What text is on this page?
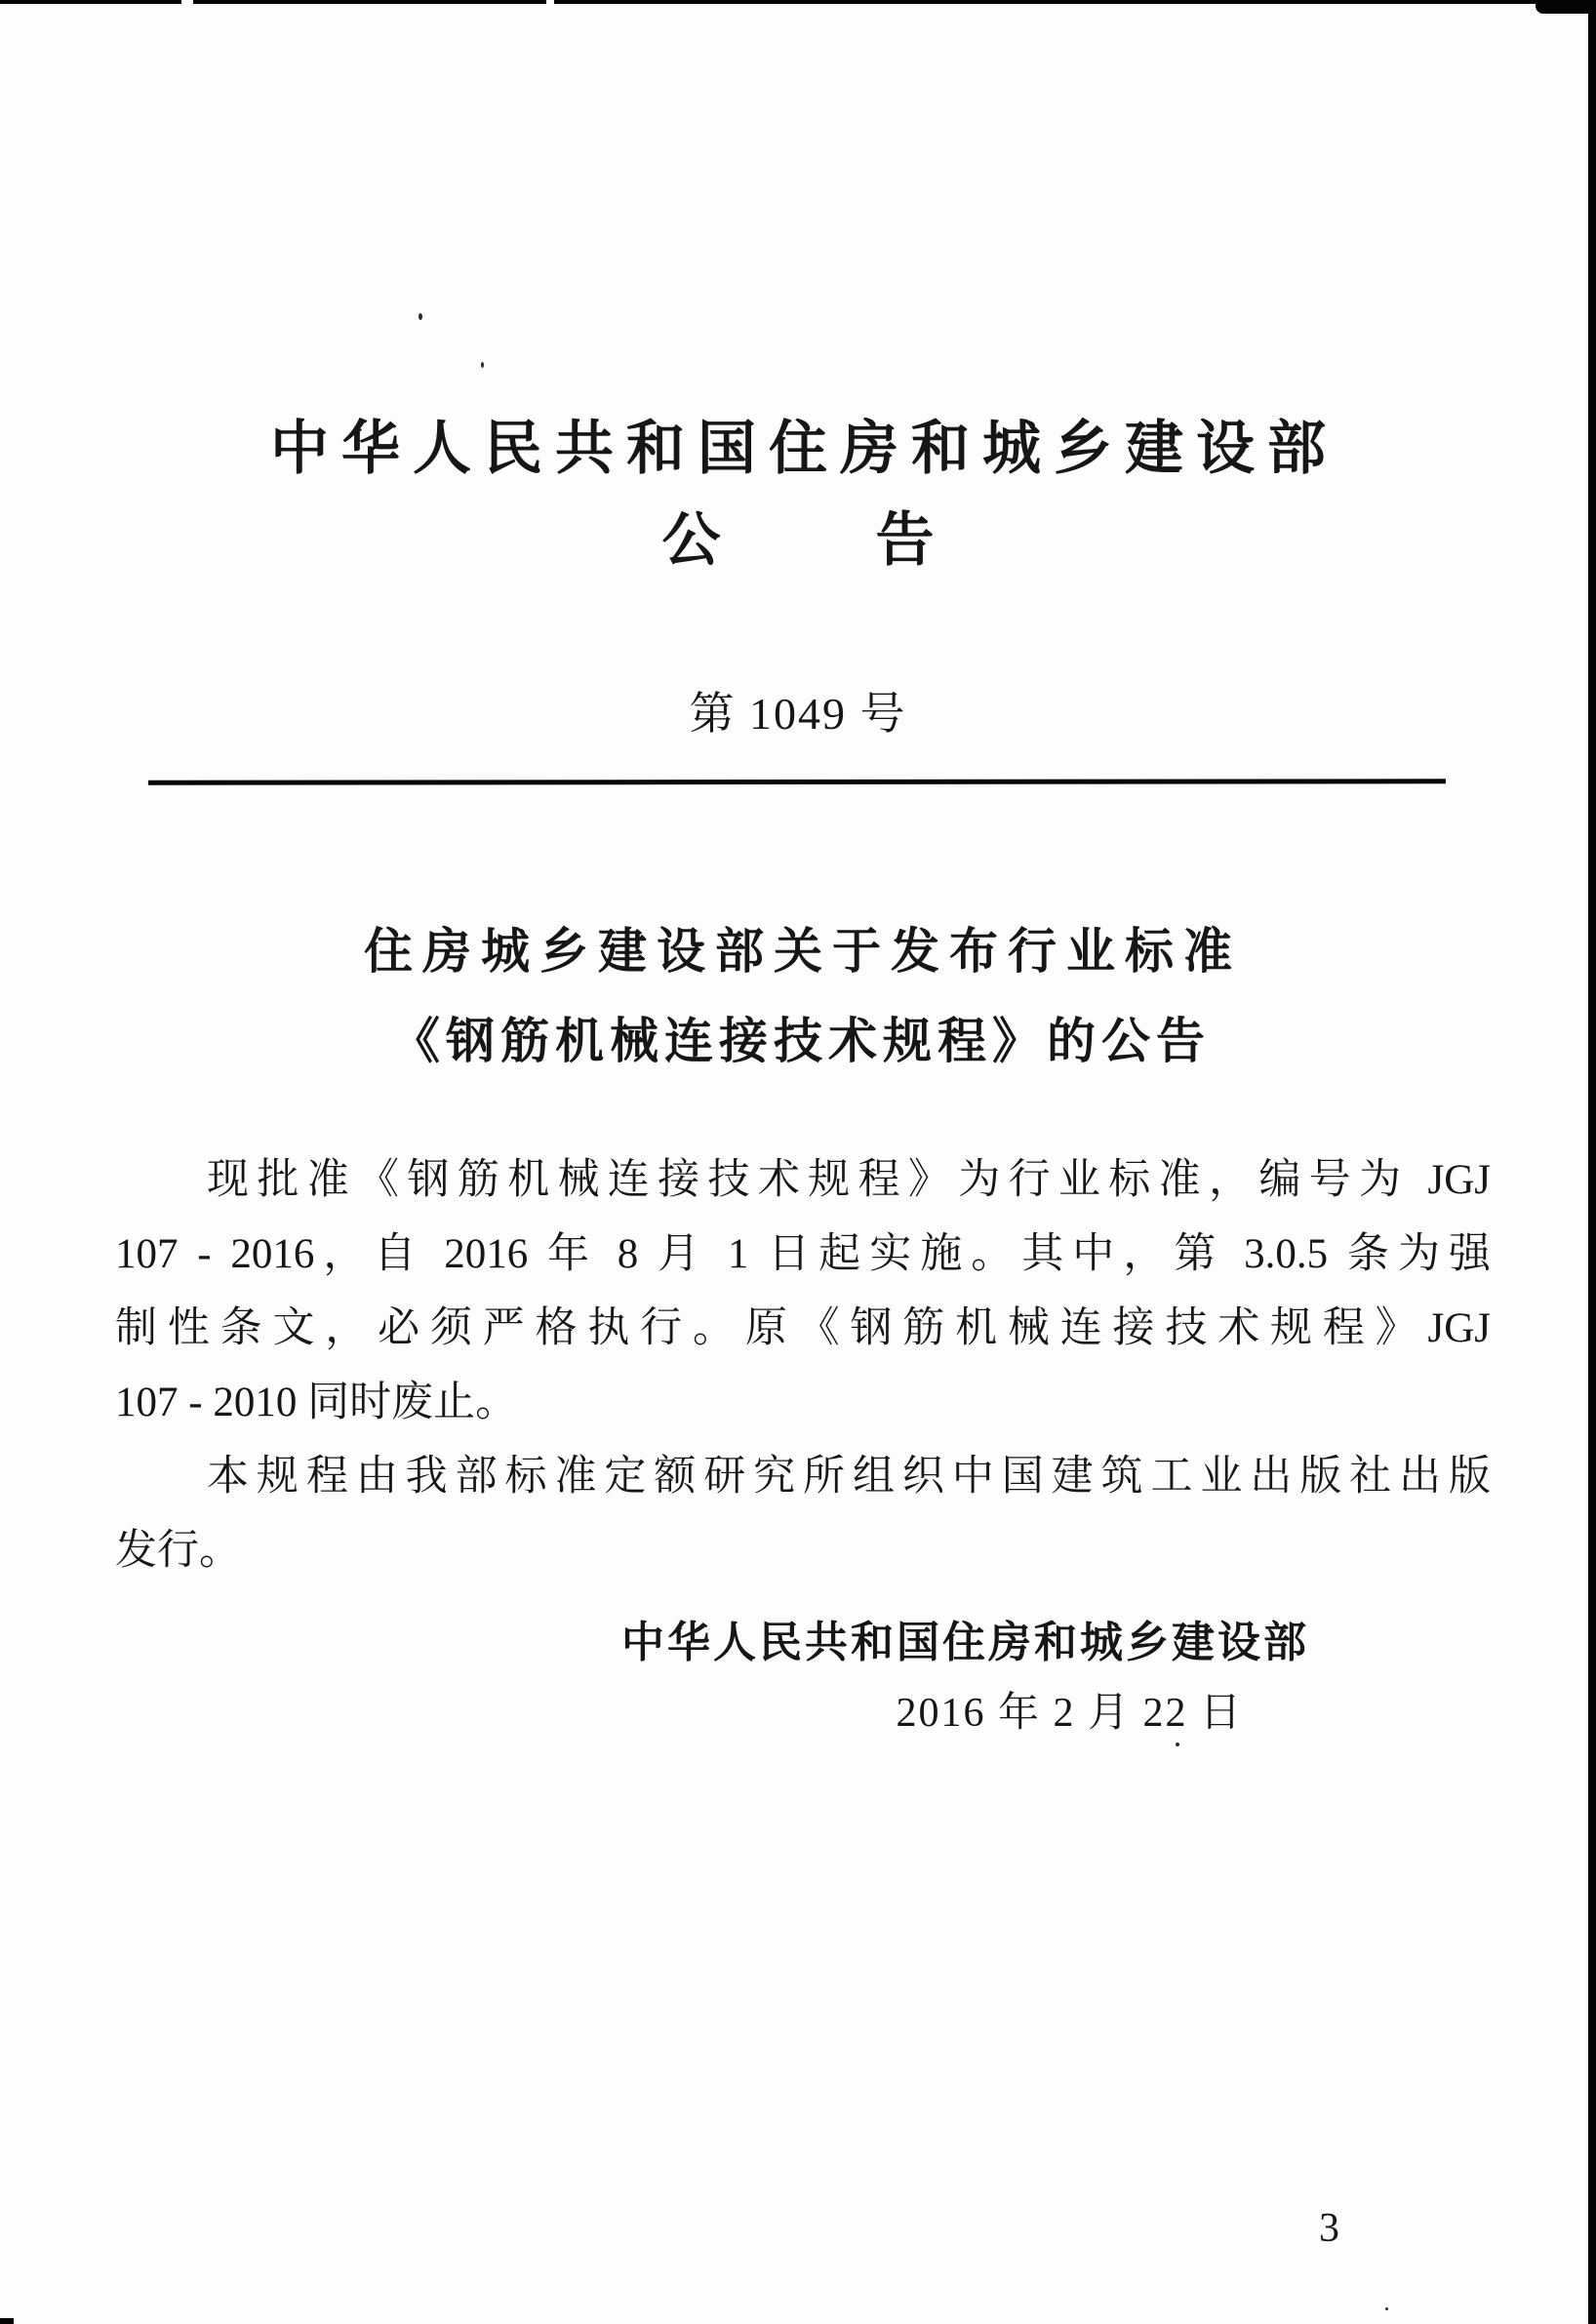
中华人民共和国住房和城乡建设部
公　　告
第 1049 号
住房城乡建设部关于发布行业标准
《钢筋机械连接技术规程》的公告
现批准《钢筋机械连接技术规程》为行业标准，编号为 JGJ
107 - 2016，自 2016 年 8 月 1 日起实施。其中，第 3.0.5 条为强
制性条文，必须严格执行。原《钢筋机械连接技术规程》JGJ
107 - 2010 同时废止。
本规程由我部标准定额研究所组织中国建筑工业出版社出版
发行。
中华人民共和国住房和城乡建设部
2016 年 2 月 22 日
3
